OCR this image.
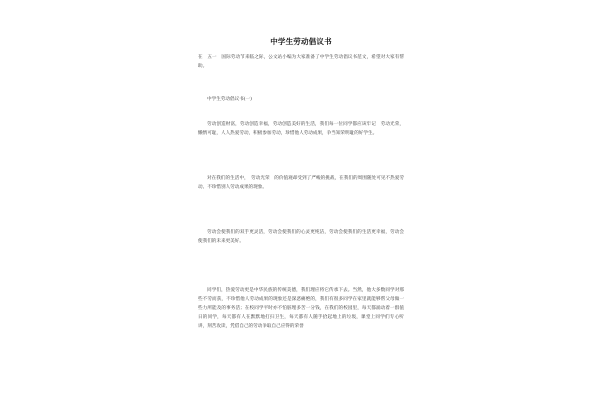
中学生劳动倡议书

在　五一　国际劳动节来临之际，公文站小编为大家准备了中学生劳动倡议书范文，希望对大家有帮助。

中学生劳动倡议书(一)

劳动创造财富，劳动创造幸福，劳动创造美好的生活，我们每一位同学都应该牢记　劳动光荣，懒惰可耻，人人热爱劳动，积极参加劳动，珍惜他人劳动成果，争当知荣明耻的好学生。

对在我们的生活中，　劳动光荣　的价值观却受到了严峻的挑战，在我们的周围随处可见不热爱劳动、不珍惜别人劳动成果的现象。

劳动会使我们的双手更灵活，劳动会使我们的心灵更纯洁，劳动会使我们的生活更幸福，劳动会使我们的未来更美好。

同学们，热爱劳动更是中华民族的传统美德，我们理应将它传承下去。当然，他大多数同学对那些不劳而获，不珍惜他人劳动成果的现象还是深恶痛绝的，我们有很多同学在家里就能够帮父母做一些力所能及的事务活；在校同学平时亦不怕脏埋多苦一分钱，在我们的校园里，每天都涌动着一群值日的同学，每天都有人在默默地打扫卫生，每天都有人随手拾起地上的垃圾，课堂上同学们专心听讲，刻苦攻读，凭借自己的劳动争取自己应得的荣誉
